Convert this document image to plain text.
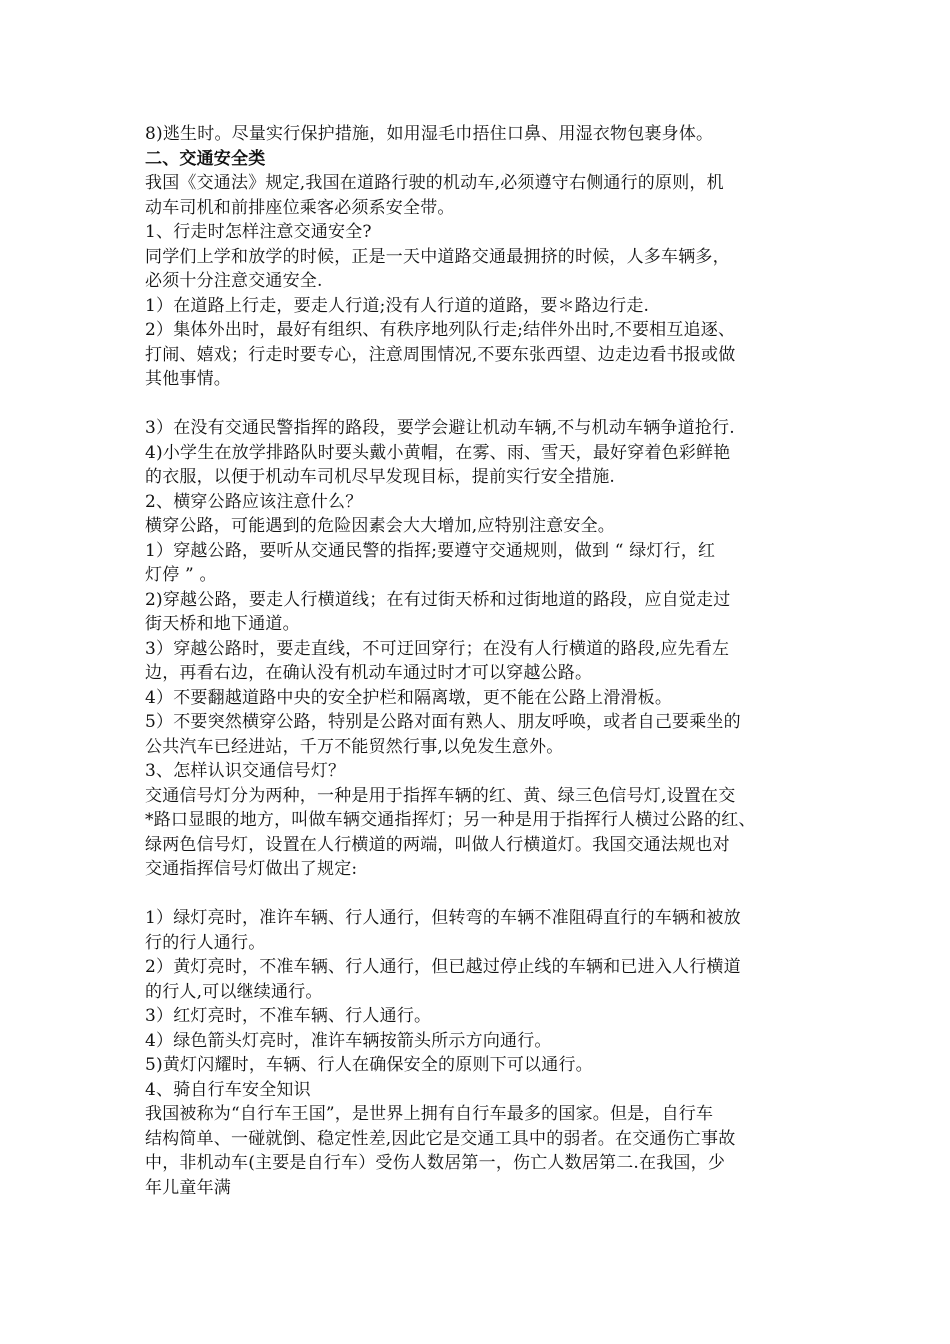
8)逃生时。尽量实行保护措施，如用湿毛巾捂住口鼻、用湿衣物包裹身体。
二、交通安全类
我国《交通法》规定,我国在道路行驶的机动车,必须遵守右侧通行的原则，机
动车司机和前排座位乘客必须系安全带。
1、行走时怎样注意交通安全?
同学们上学和放学的时候，正是一天中道路交通最拥挤的时候，人多车辆多，
必须十分注意交通安全.
1）在道路上行走，要走人行道;没有人行道的道路，要＊路边行走.
2）集体外出时，最好有组织、有秩序地列队行走;结伴外出时,不要相互追逐、
打闹、嬉戏；行走时要专心，注意周围情况,不要东张西望、边走边看书报或做
其他事情。
3）在没有交通民警指挥的路段，要学会避让机动车辆,不与机动车辆争道抢行.
4)小学生在放学排路队时要头戴小黄帽，在雾、雨、雪天，最好穿着色彩鲜艳
的衣服，以便于机动车司机尽早发现目标，提前实行安全措施.
2、横穿公路应该注意什么？
横穿公路，可能遇到的危险因素会大大增加,应特别注意安全。
1）穿越公路，要听从交通民警的指挥;要遵守交通规则，做到 “ 绿灯行，红
灯停 ” 。
2)穿越公路，要走人行横道线；在有过街天桥和过街地道的路段，应自觉走过
街天桥和地下通道。
3）穿越公路时，要走直线，不可迂回穿行；在没有人行横道的路段,应先看左
边，再看右边，在确认没有机动车通过时才可以穿越公路。
4）不要翻越道路中央的安全护栏和隔离墩，更不能在公路上滑滑板。
5）不要突然横穿公路，特别是公路对面有熟人、朋友呼唤，或者自己要乘坐的
公共汽车已经进站，千万不能贸然行事,以免发生意外。
3、怎样认识交通信号灯？
交通信号灯分为两种，一种是用于指挥车辆的红、黄、绿三色信号灯,设置在交
*路口显眼的地方，叫做车辆交通指挥灯；另一种是用于指挥行人横过公路的红、
绿两色信号灯，设置在人行横道的两端，叫做人行横道灯。我国交通法规也对
交通指挥信号灯做出了规定:
1）绿灯亮时，准许车辆、行人通行，但转弯的车辆不准阻碍直行的车辆和被放
行的行人通行。
2）黄灯亮时，不准车辆、行人通行，但已越过停止线的车辆和已进入人行横道
的行人,可以继续通行。
3）红灯亮时，不准车辆、行人通行。
4）绿色箭头灯亮时，准许车辆按箭头所示方向通行。
5)黄灯闪耀时，车辆、行人在确保安全的原则下可以通行。
4、骑自行车安全知识
我国被称为“自行车王国”，是世界上拥有自行车最多的国家。但是，自行车
结构简单、一碰就倒、稳定性差,因此它是交通工具中的弱者。在交通伤亡事故
中，非机动车(主要是自行车）受伤人数居第一，伤亡人数居第二.在我国，少
年儿童年满
